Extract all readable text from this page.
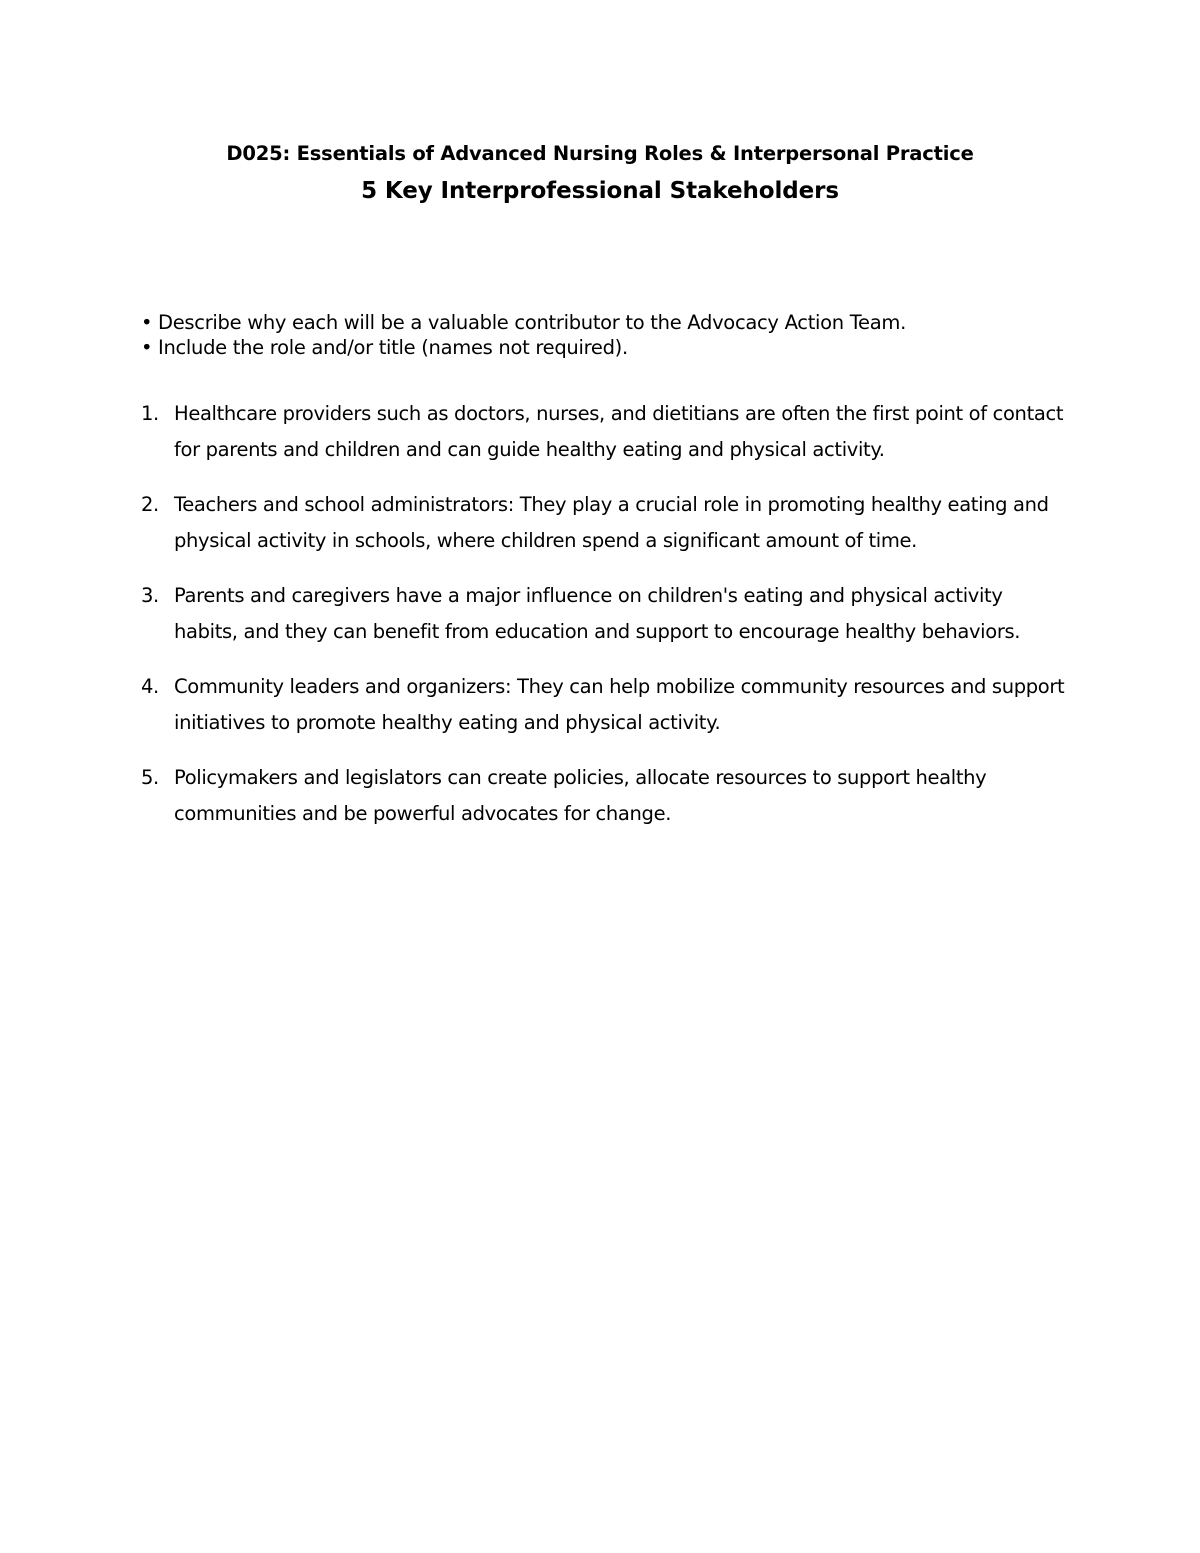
D025: Essentials of Advanced Nursing Roles & Interpersonal Practice
5 Key Interprofessional Stakeholders
• Describe why each will be a valuable contributor to the Advocacy Action Team.
• Include the role and/or title (names not required).
1. Healthcare providers such as doctors, nurses, and dietitians are often the first point of contact for parents and children and can guide healthy eating and physical activity.
2. Teachers and school administrators: They play a crucial role in promoting healthy eating and physical activity in schools, where children spend a significant amount of time.
3. Parents and caregivers have a major influence on children's eating and physical activity habits, and they can benefit from education and support to encourage healthy behaviors.
4. Community leaders and organizers: They can help mobilize community resources and support initiatives to promote healthy eating and physical activity.
5. Policymakers and legislators can create policies, allocate resources to support healthy communities and be powerful advocates for change.
